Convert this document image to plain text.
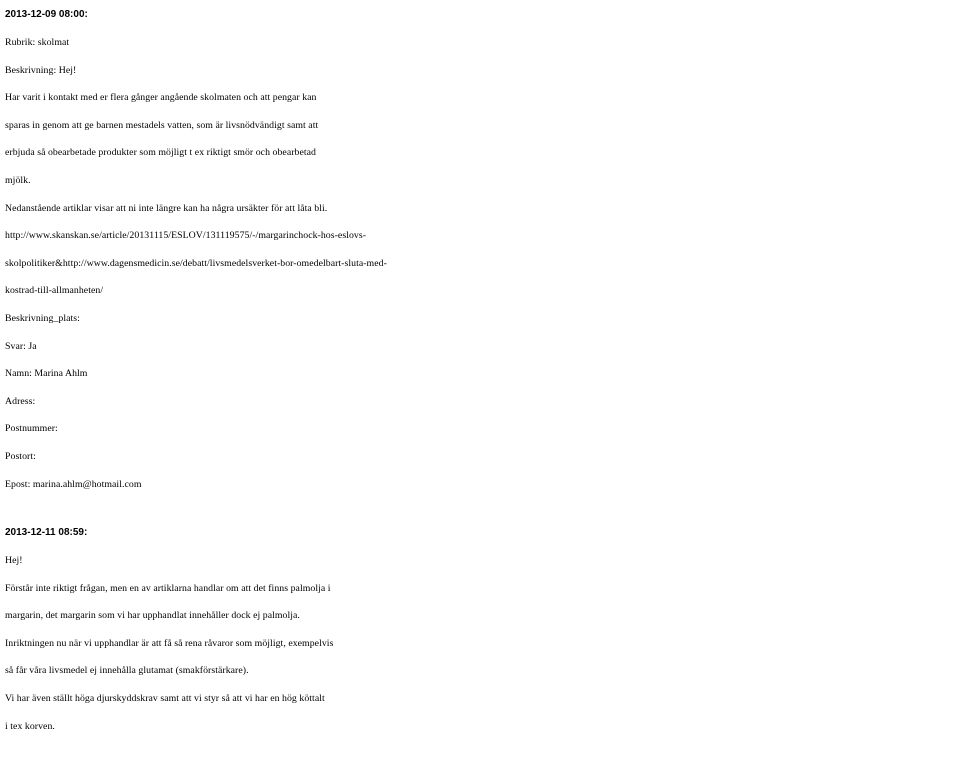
2013-12-09 08:00:

Rubrik: skolmat

Beskrivning: Hej!

Har varit i kontakt med er flera gånger angående skolmaten och att pengar kan

sparas in genom att ge barnen mestadels vatten, som är livsnödvändigt samt att

erbjuda så obearbetade produkter som möjligt t ex riktigt smör och obearbetad

mjölk.

Nedanstående artiklar visar att ni inte längre kan ha några ursäkter för att låta bli.

http://www.skanskan.se/article/20131115/ESLOV/131119575/-/margarinchock-hos-eslovs-

skolpolitiker&http://www.dagensmedicin.se/debatt/livsmedelsverket-bor-omedelbart-sluta-med-

kostrad-till-allmanheten/

Beskrivning_plats:

Svar: Ja

Namn: Marina Ahlm

Adress:

Postnummer:

Postort:

Epost: marina.ahlm@hotmail.com

2013-12-11 08:59:

Hej!

Förstår inte riktigt frågan, men en av artiklarna handlar om att det finns palmolja i

margarin, det margarin som vi har upphandlat innehåller dock ej palmolja.

Inriktningen nu när vi upphandlar är att få så rena råvaror som möjligt, exempelvis

så får våra livsmedel ej innehålla glutamat (smakförstärkare).

Vi har även ställt höga djurskyddskrav samt att vi styr så att vi har en hög köttalt

i tex korven.
